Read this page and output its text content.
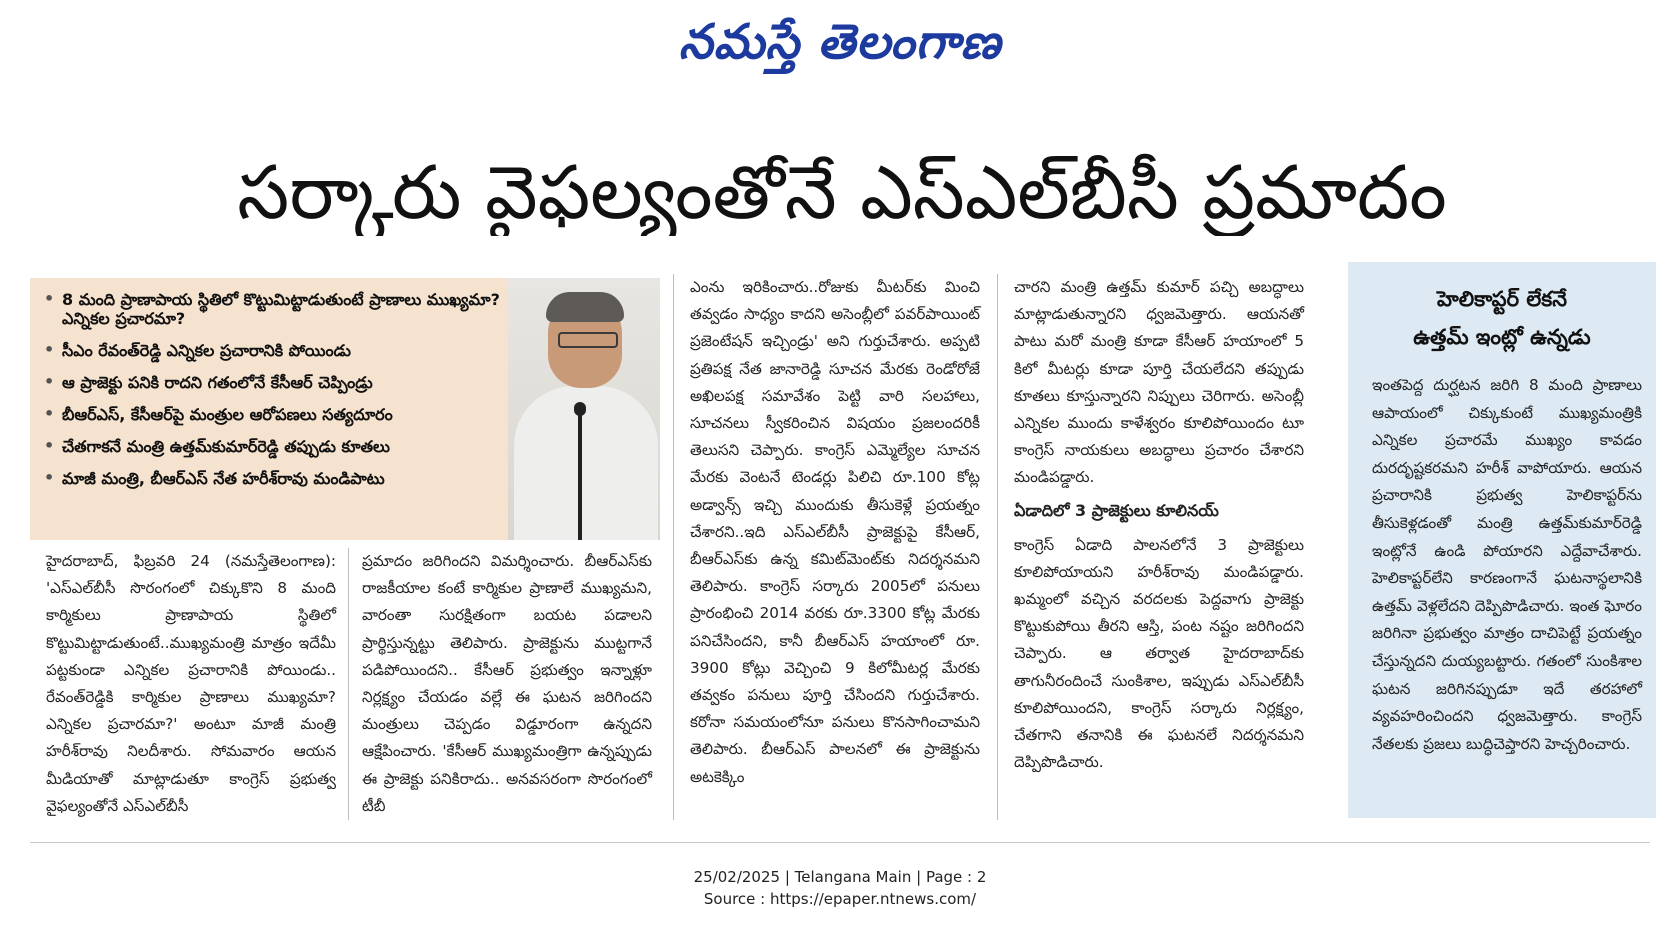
నమస్తే తెలంగాణ
సర్కారు వైఫల్యంతోనే ఎస్‌ఎల్‌బీసీ ప్రమాదం
• 8 మంది ప్రాణాపాయ స్థితిలో కొట్టుమిట్టాడుతుంటే ప్రాణాలు ముఖ్యమా? ఎన్నికల ప్రచారమా?
• సీఎం రేవంత్‌రెడ్డి ఎన్నికల ప్రచారానికి పోయిండు
• ఆ ప్రాజెక్టు పనికి రాదని గతంలోనే కేసీఆర్ చెప్పిండ్రు
• బీఆర్‌ఎస్, కేసీఆర్‌పై మంత్రుల ఆరోపణలు సత్యదూరం
• చేతగాకనే మంత్రి ఉత్తమ్‌కుమార్‌రెడ్డి తప్పుడు కూతలు
• మాజీ మంత్రి, బీఆర్‌ఎస్ నేత హరీశ్‌రావు మండిపాటు

హైదరాబాద్, ఫిబ్రవరి 24 (నమస్తేతెలంగాణ): 'ఎస్‌ఎల్‌బీసీ సొరంగంలో చిక్కుకొని 8 మంది కార్మికులు ప్రాణాపాయ స్థితిలో కొట్టుమిట్టాడుతుంటే..ముఖ్యమంత్రి మాత్రం ఇదేమీ పట్టకుండా ఎన్నికల ప్రచారానికి పోయిండు.. రేవంత్‌రెడ్డికి కార్మికుల ప్రాణాలు ముఖ్యమా? ఎన్నికల ప్రచారమా?' అంటూ మాజీ మంత్రి హరీశ్‌రావు నిలదీశారు. సోమవారం ఆయన మీడియాతో మాట్లాడుతూ కాంగ్రెస్ ప్రభుత్వ వైఫల్యంతోనే ఎస్‌ఎల్‌బీసీ

ప్రమాదం జరిగిందని విమర్శించారు. బీఆర్‌ఎస్‌కు రాజకీయాల కంటే కార్మికుల ప్రాణాలే ముఖ్యమని, వారంతా సురక్షితంగా బయట పడాలని ప్రార్థిస్తున్నట్టు తెలిపారు. ప్రాజెక్టును ముట్టగానే పడిపోయిందని.. కేసీఆర్ ప్రభుత్వం ఇన్నాళ్లూ నిర్లక్ష్యం చేయడం వల్లే ఈ ఘటన జరిగిందని మంత్రులు చెప్పడం విడ్డూరంగా ఉన్నదని ఆక్షేపించారు. 'కేసీఆర్ ముఖ్యమంత్రిగా ఉన్నప్పుడు ఈ ప్రాజెక్టు పనికిరాదు.. అనవసరంగా సొరంగంలో టీబీ

ఎంను ఇరికించారు..రోజుకు మీటర్‌కు మించి తవ్వడం సాధ్యం కాదని అసెంబ్లీలో పవర్‌పాయింట్ ప్రజెంటేషన్ ఇచ్చిండ్రు' అని గుర్తుచేశారు. అప్పటి ప్రతిపక్ష నేత జానారెడ్డి సూచన మేరకు రెండోరోజే అఖిలపక్ష సమావేశం పెట్టి వారి సలహాలు, సూచనలు స్వీకరించిన విషయం ప్రజలందరికీ తెలుసని చెప్పారు. కాంగ్రెస్ ఎమ్మెల్యేల సూచన మేరకు వెంటనే టెండర్లు పిలిచి రూ.100 కోట్ల అడ్వాన్స్ ఇచ్చి ముందుకు తీసుకెళ్లే ప్రయత్నం చేశారని..ఇది ఎస్‌ఎల్‌బీసీ ప్రాజెక్టుపై కేసీఆర్, బీఆర్‌ఎస్‌కు ఉన్న కమిట్‌మెంట్‌కు నిదర్శనమని తెలిపారు. కాంగ్రెస్ సర్కారు 2005లో పనులు ప్రారంభించి 2014 వరకు రూ.3300 కోట్ల మేరకు పనిచేసిందని, కానీ బీఆర్‌ఎస్ హయాంలో రూ. 3900 కోట్లు వెచ్చించి 9 కిలోమీటర్ల మేరకు తవ్వకం పనులు పూర్తి చేసిందని గుర్తుచేశారు. కరోనా సమయంలోనూ పనులు కొనసాగించామని తెలిపారు. బీఆర్‌ఎస్ పాలనలో ఈ ప్రాజెక్టును అటకెక్కిం

చారని మంత్రి ఉత్తమ్ కుమార్ పచ్చి అబద్ధాలు మాట్లాడుతున్నారని ధ్వజమెత్తారు. ఆయనతో పాటు మరో మంత్రి కూడా కేసీఆర్ హయాంలో 5 కిలో మీటర్లు కూడా పూర్తి చేయలేదని తప్పుడు కూతలు కూస్తున్నారని నిప్పులు చెరిగారు. అసెంబ్లీ ఎన్నికల ముందు కాళేశ్వరం కూలిపోయిందం టూ కాంగ్రెస్ నాయకులు అబద్ధాలు ప్రచారం చేశారని మండిపడ్డారు.

ఏడాదిలో 3 ప్రాజెక్టులు కూలినయ్

కాంగ్రెస్ ఏడాది పాలనలోనే 3 ప్రాజెక్టులు కూలిపోయాయని హరీశ్‌రావు మండిపడ్డారు. ఖమ్మంలో వచ్చిన వరదలకు పెద్దవాగు ప్రాజెక్టు కొట్టుకుపోయి తీరని ఆస్తి, పంట నష్టం జరిగిందని చెప్పారు. ఆ తర్వాత హైదరాబాద్‌కు తాగునీరందించే సుంకిశాల, ఇప్పుడు ఎస్‌ఎల్‌బీసీ కూలిపోయిందని, కాంగ్రెస్ సర్కారు నిర్లక్ష్యం, చేతగాని తనానికి ఈ ఘటనలే నిదర్శనమని దెప్పిపొడిచారు.

హెలికాప్టర్ లేకనే
ఉత్తమ్ ఇంట్లో ఉన్నడు
ఇంతపెద్ద దుర్ఘటన జరిగి 8 మంది ప్రాణాలు ఆపాయంలో చిక్కుకుంటే ముఖ్యమంత్రికి ఎన్నికల ప్రచారమే ముఖ్యం కావడం దురదృష్టకరమని హరీశ్ వాపోయారు. ఆయన ప్రచారానికి ప్రభుత్వ హెలికాప్టర్‌ను తీసుకెళ్లడంతో మంత్రి ఉత్తమ్‌కుమార్‌రెడ్డి ఇంట్లోనే ఉండి పోయారని ఎద్దేవాచేశారు. హెలికాప్టర్‌లేని కారణంగానే ఘటనాస్థలానికి ఉత్తమ్ వెళ్లలేదని దెప్పిపొడిచారు. ఇంత ఘోరం జరిగినా ప్రభుత్వం మాత్రం దాచిపెట్టే ప్రయత్నం చేస్తున్నదని దుయ్యబట్టారు. గతంలో సుంకిశాల ఘటన జరిగినప్పుడూ ఇదే తరహాలో వ్యవహరించిందని ధ్వజమెత్తారు. కాంగ్రెస్ నేతలకు ప్రజలు బుద్ధిచెప్తారని హెచ్చరించారు.
25/02/2025 | Telangana Main | Page : 2
Source : https://epaper.ntnews.com/
